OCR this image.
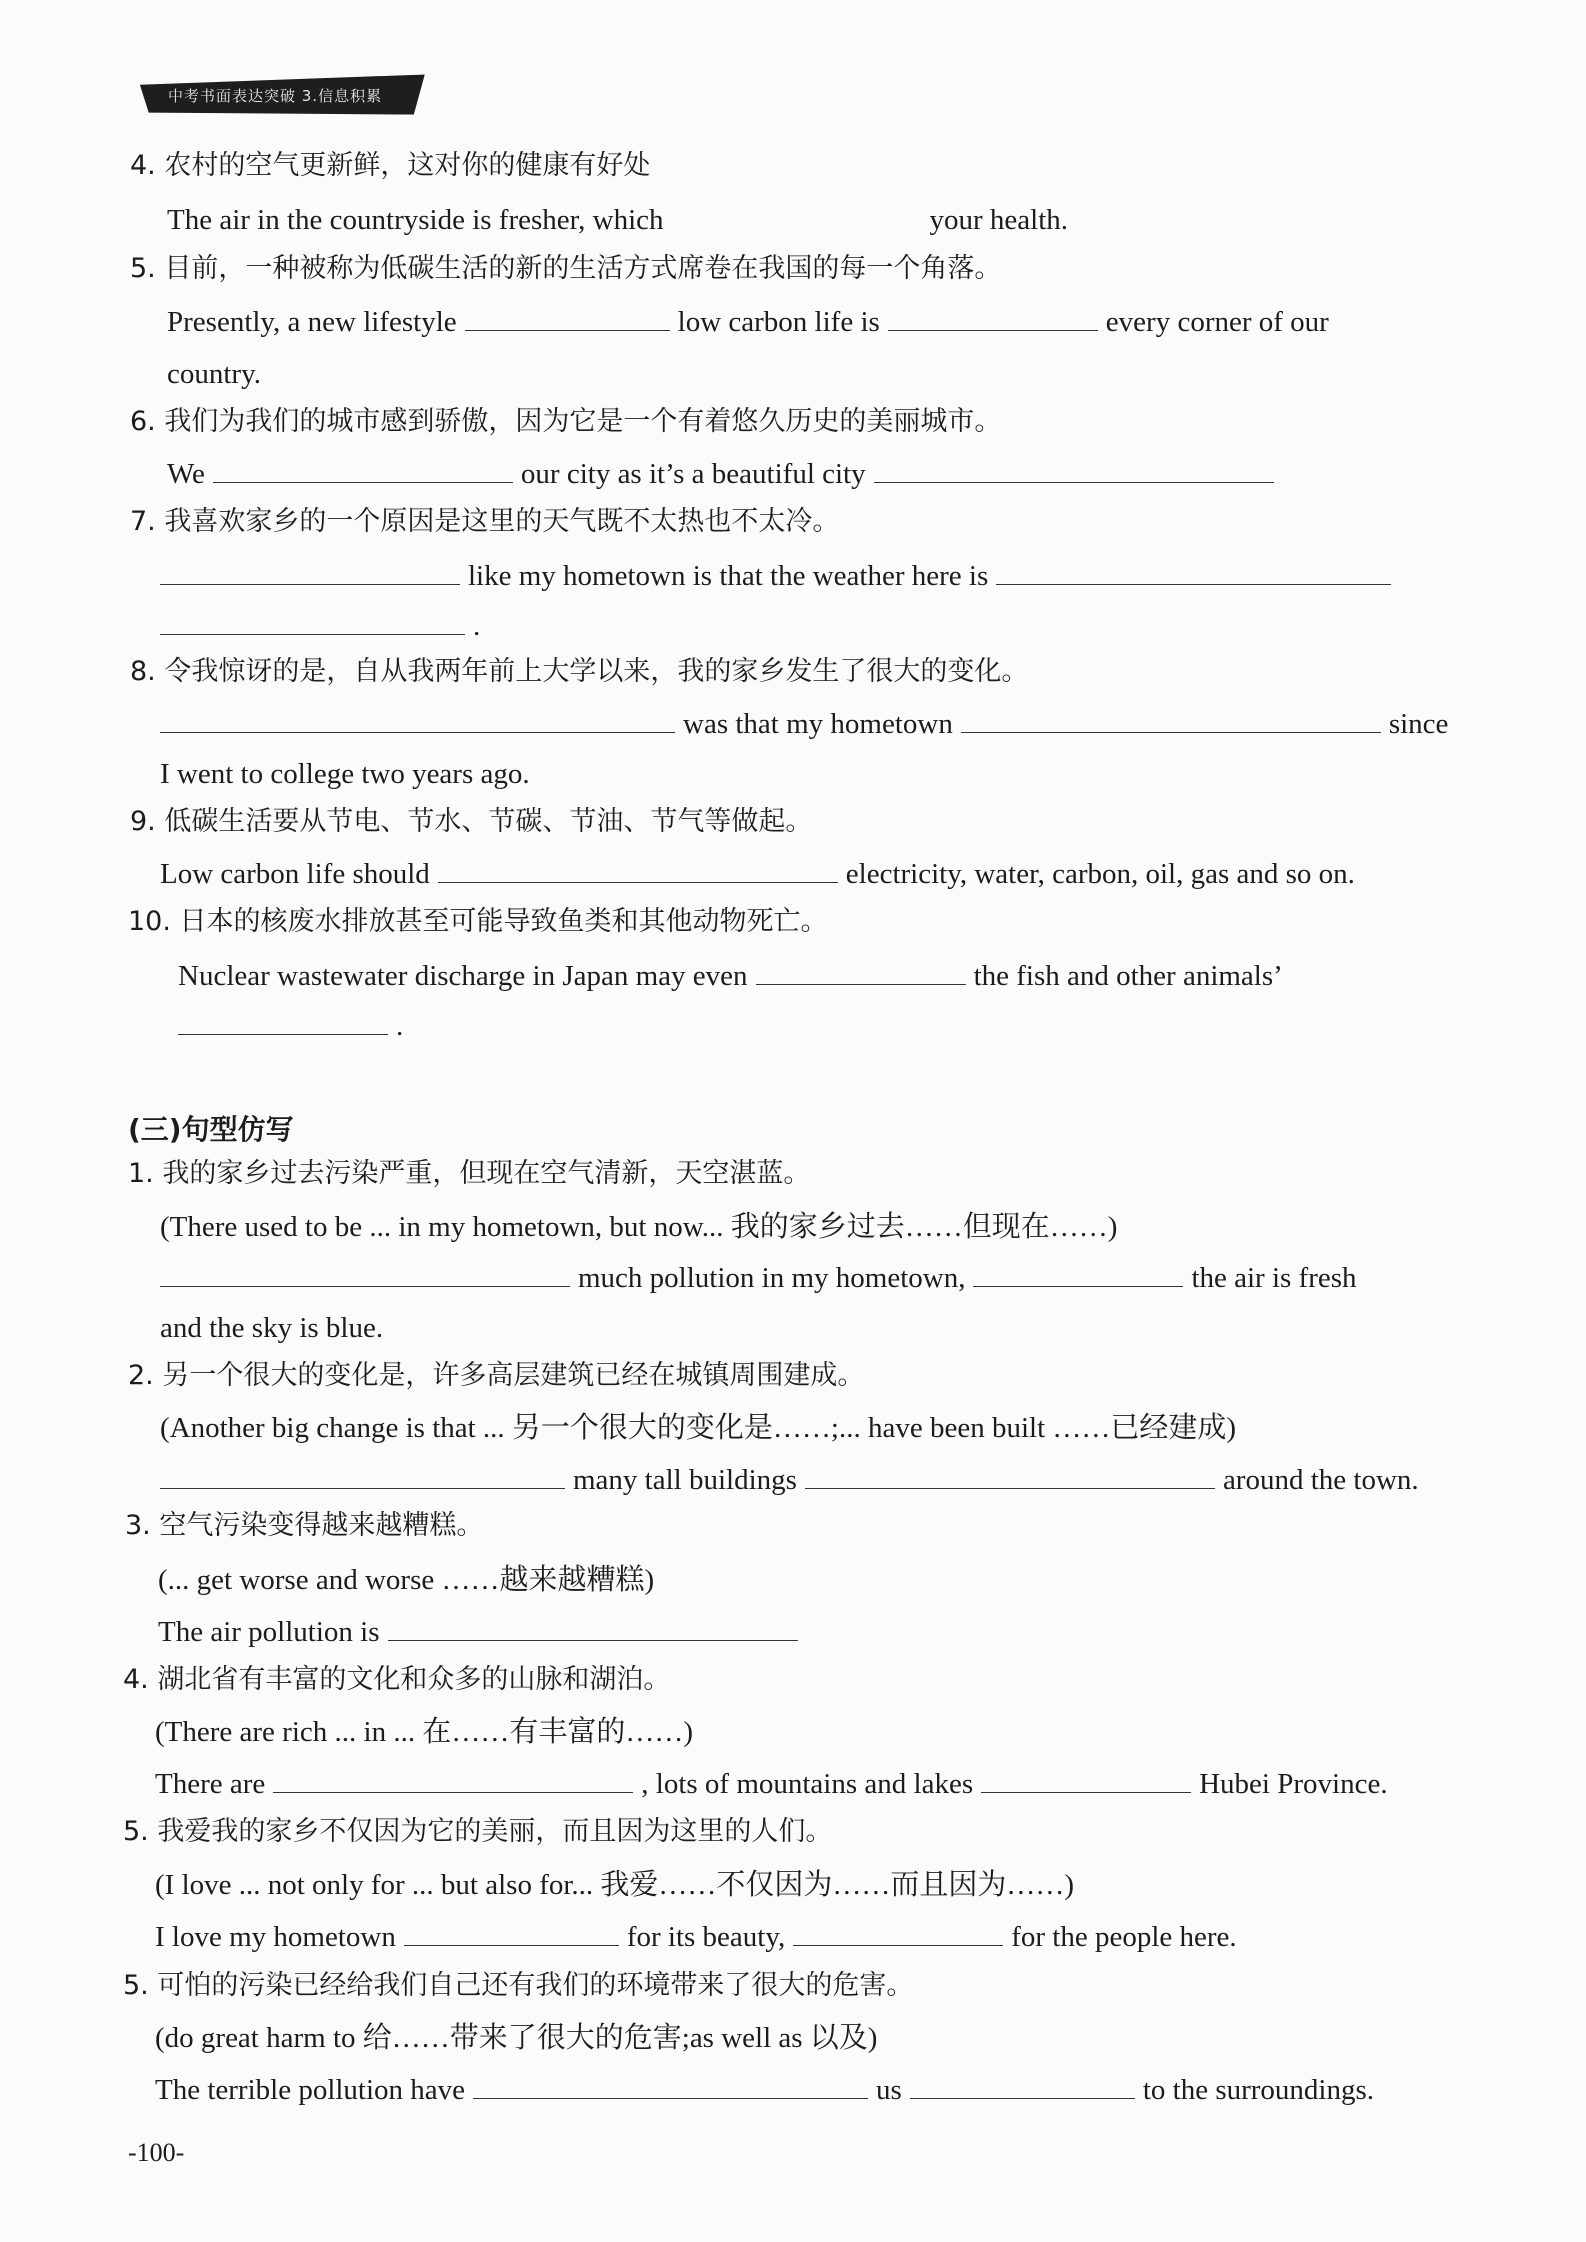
中考书面表达突破 3.信息积累
4. 农村的空气更新鲜，这对你的健康有好处
The air in the countryside is fresher, which	your health.
5. 目前，一种被称为低碳生活的新的生活方式席卷在我国的每一个角落。
Presently, a new lifestyle	low carbon life is	every corner of our
country.
6. 我们为我们的城市感到骄傲，因为它是一个有着悠久历史的美丽城市。
We	our city as it’s a beautiful city
7. 我喜欢家乡的一个原因是这里的天气既不太热也不太冷。
like my hometown is that the weather here is
.
8. 令我惊讶的是，自从我两年前上大学以来，我的家乡发生了很大的变化。
was that my hometown	since
I went to college two years ago.
9. 低碳生活要从节电、节水、节碳、节油、节气等做起。
Low carbon life should	electricity, water, carbon, oil, gas and so on.
10. 日本的核废水排放甚至可能导致鱼类和其他动物死亡。
Nuclear wastewater discharge in Japan may even	the fish and other animals’
.
(三)句型仿写
1. 我的家乡过去污染严重，但现在空气清新，天空湛蓝。
(There used to be ... in my hometown, but now... 我的家乡过去……但现在……)
much pollution in my hometown,	the air is fresh
and the sky is blue.
2. 另一个很大的变化是，许多高层建筑已经在城镇周围建成。
(Another big change is that ... 另一个很大的变化是……;... have been built ……已经建成)
many tall buildings	around the town.
3. 空气污染变得越来越糟糕。
(... get worse and worse ……越来越糟糕)
The air pollution is
4. 湖北省有丰富的文化和众多的山脉和湖泊。
(There are rich ... in ... 在……有丰富的……)
There are	, lots of mountains and lakes	Hubei Province.
5. 我爱我的家乡不仅因为它的美丽，而且因为这里的人们。
(I love ... not only for ... but also for... 我爱……不仅因为……而且因为……)
I love my hometown	for its beauty,	for the people here.
5. 可怕的污染已经给我们自己还有我们的环境带来了很大的危害。
(do great harm to 给……带来了很大的危害;as well as 以及)
The terrible pollution have	us	to the surroundings.
-100-
